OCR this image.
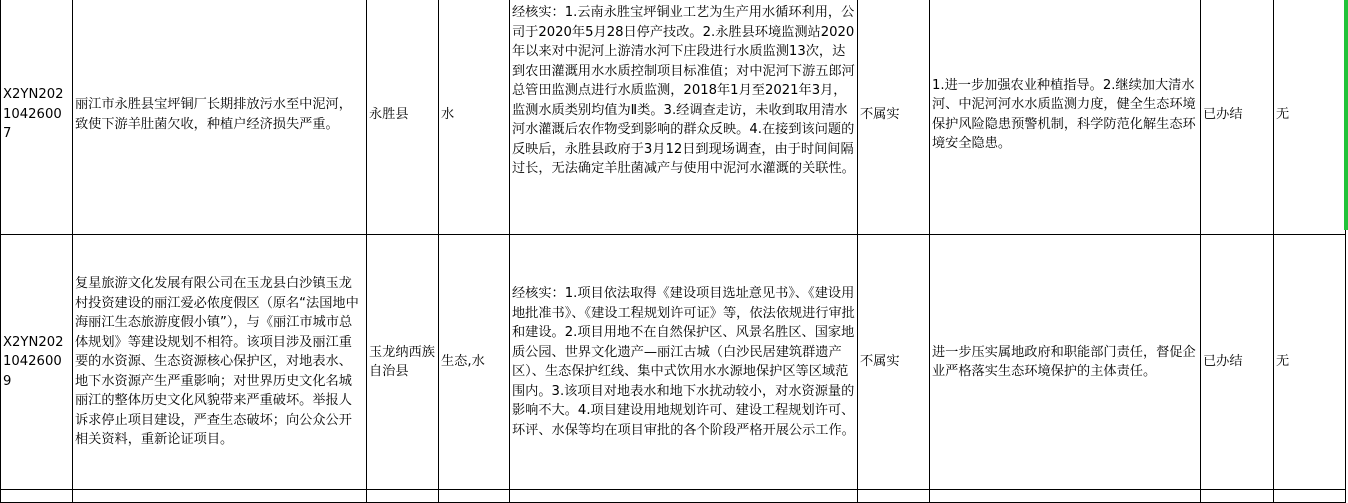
X2YN20210426007	丽江市永胜县宝坪铜厂长期排放污水至中泥河，致使下游羊肚菌欠收，种植户经济损失严重。	永胜县	水	经核实：1.云南永胜宝坪铜业工艺为生产用水循环利用，公司于2020年5月28日停产技改。2.永胜县环境监测站2020年以来对中泥河上游清水河下庄段进行水质监测13次，达到农田灌溉用水水质控制项目标准值；对中泥河下游五郎河总管田监测点进行水质监测，2018年1月至2021年3月，监测水质类别均值为Ⅱ类。3.经调查走访，未收到取用清水河水灌溉后农作物受到影响的群众反映。4.在接到该问题的反映后，永胜县政府于3月12日到现场调查，由于时间间隔过长，无法确定羊肚菌减产与使用中泥河水灌溉的关联性。	不属实	1.进一步加强农业种植指导。2.继续加大清水河、中泥河河水水质监测力度，健全生态环境保护风险隐患预警机制，科学防范化解生态环境安全隐患。	已办结	无
X2YN20210426009	复星旅游文化发展有限公司在玉龙县白沙镇玉龙村投资建设的丽江爱必侬度假区（原名“法国地中海丽江生态旅游度假小镇”），与《丽江市城市总体规划》等建设规划不相符。该项目涉及丽江重要的水资源、生态资源核心保护区，对地表水、地下水资源产生严重影响；对世界历史文化名城丽江的整体历史文化风貌带来严重破坏。举报人诉求停止项目建设，严查生态破坏；向公众公开相关资料，重新论证项目。	玉龙纳西族自治县	生态,水	经核实：1.项目依法取得《建设项目选址意见书》、《建设用地批准书》、《建设工程规划许可证》等，依法依规进行审批和建设。2.项目用地不在自然保护区、风景名胜区、国家地质公园、世界文化遗产—丽江古城（白沙民居建筑群遗产区）、生态保护红线、集中式饮用水水源地保护区等区域范围内。3.该项目对地表水和地下水扰动较小，对水资源量的影响不大。4.项目建设用地规划许可、建设工程规划许可、环评、水保等均在项目审批的各个阶段严格开展公示工作。	不属实	进一步压实属地政府和职能部门责任，督促企业严格落实生态环境保护的主体责任。	已办结	无
